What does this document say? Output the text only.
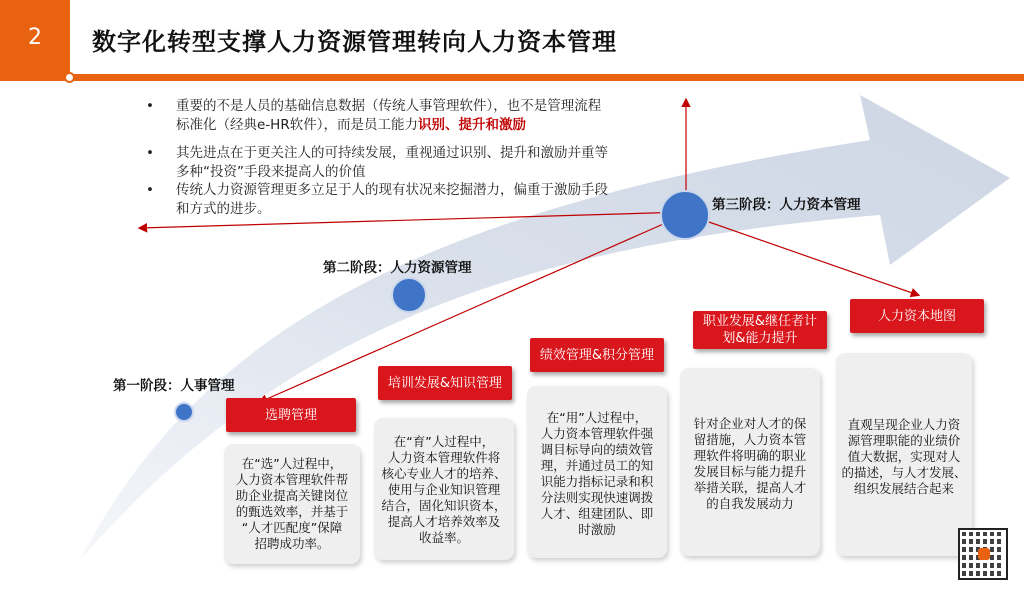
2	数字化转型支撑人力资源管理转向人力资本管理
• 重要的不是人员的基础信息数据（传统人事管理软件），也不是管理流程
标准化（经典e-HR软件），而是员工能力识别、提升和激励
• 其先进点在于更关注人的可持续发展，重视通过识别、提升和激励并重等
多种“投资”手段来提高人的价值
• 传统人力资源管理更多立足于人的现有状况来挖掘潜力，偏重于激励手段
和方式的进步。
第一阶段：人事管理
第二阶段：人力资源管理
第三阶段：人力资本管理
选聘管理
培训发展&知识管理
绩效管理&积分管理
职业发展&继任者计
划&能力提升
人力资本地图
在“选”人过程中，
人力资本管理软件帮
助企业提高关键岗位
的甄选效率，并基于
“人才匹配度”保障
招聘成功率。
在“育”人过程中，
人力资本管理软件将
核心专业人才的培养、
使用与企业知识管理
结合，固化知识资本，
提高人才培养效率及
收益率。
在“用”人过程中，
人力资本管理软件强
调目标导向的绩效管
理，并通过员工的知
识能力指标记录和积
分法则实现快速调拨
人才、组建团队、即
时激励
针对企业对人才的保
留措施，人力资本管
理软件将明确的职业
发展目标与能力提升
举措关联，提高人才
的自我发展动力
直观呈现企业人力资
源管理职能的业绩价
值大数据，实现对人
的描述，与人才发展、
组织发展结合起来
